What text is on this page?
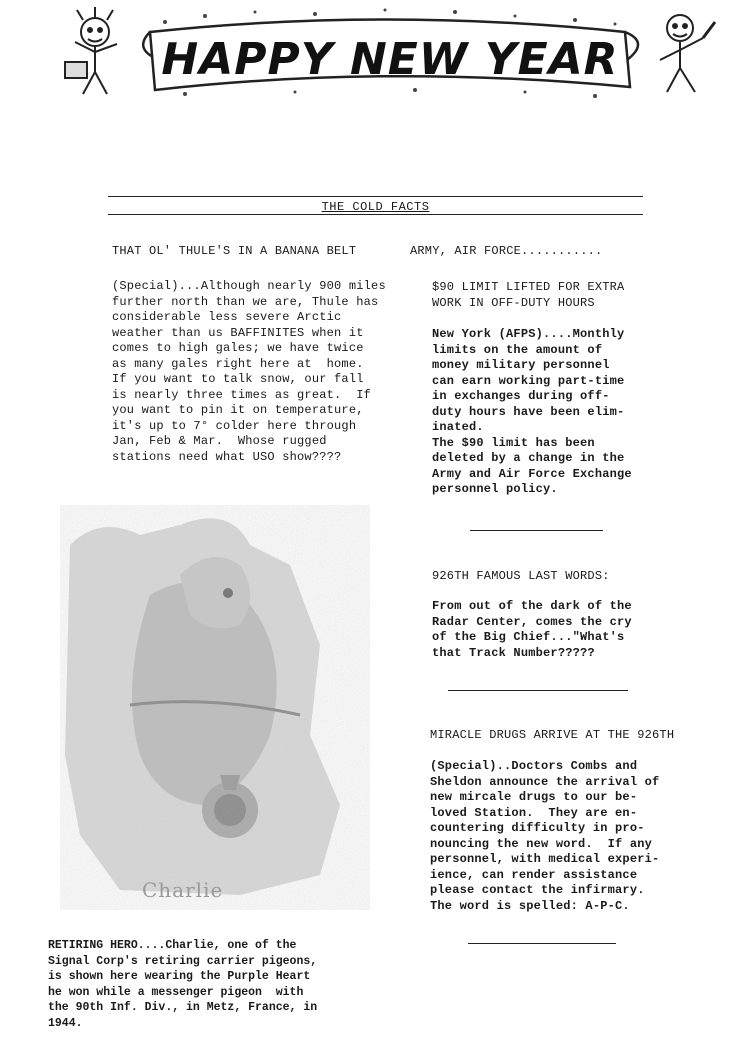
HAPPY NEW YEAR
THE COLD FACTS
THAT OL' THULE'S IN A BANANA BELT	ARMY, AIR FORCE...........
(Special)...Although nearly 900 miles
further north than we are, Thule has
considerable less severe Arctic
weather than us BAFFINITES when it
comes to high gales; we have twice
as many gales right here at  home.
If you want to talk snow, our fall
is nearly three times as great.  If
you want to pin it on temperature,
it's up to 7° colder here through
Jan, Feb & Mar.  Whose rugged
stations need what USO show????
$90 LIMIT LIFTED FOR EXTRA
WORK IN OFF-DUTY HOURS
New York (AFPS)....Monthly
limits on the amount of
money military personnel
can earn working part-time
in exchanges during off-
duty hours have been elim-
inated.
The $90 limit has been
deleted by a change in the
Army and Air Force Exchange
personnel policy.
926TH FAMOUS LAST WORDS:
From out of the dark of the
Radar Center, comes the cry
of the Big Chief..."What's
that Track Number?????
MIRACLE DRUGS ARRIVE AT THE 926TH
(Special)..Doctors Combs and
Sheldon announce the arrival of
new mircale drugs to our be-
loved Station.  They are en-
countering difficulty in pro-
nouncing the new word.  If any
personnel, with medical experi-
ience, can render assistance
please contact the infirmary.
The word is spelled: A-P-C.
Charlie
RETIRING HERO....Charlie, one of the
Signal Corp's retiring carrier pigeons,
is shown here wearing the Purple Heart
he won while a messenger pigeon  with
the 90th Inf. Div., in Metz, France, in
1944.
